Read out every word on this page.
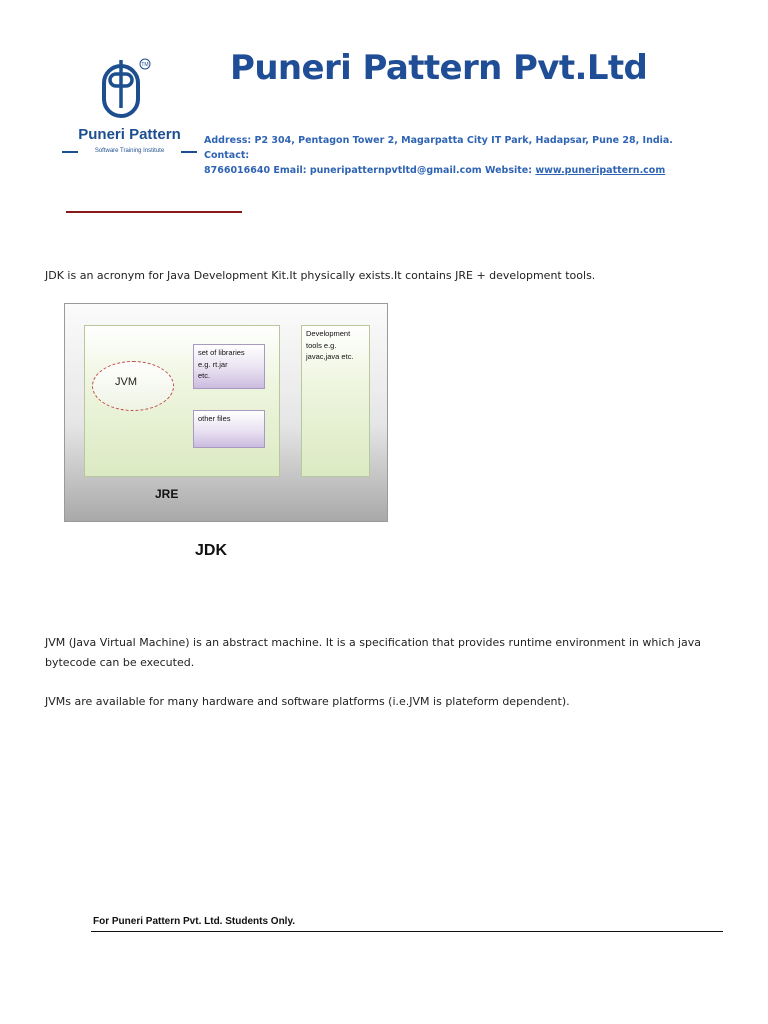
TM
Puneri Pattern
Software Training Institute
Puneri Pattern Pvt.Ltd
Address: P2 304, Pentagon Tower 2, Magarpatta City IT Park, Hadapsar, Pune 28, India. Contact:
8766016640 Email: puneripatternpvtltd@gmail.com Website: www.puneripattern.com
JDK is an acronym for Java Development Kit.It physically exists.It contains JRE + development tools.
Development
tools e.g.
javac,java etc.
JVM
set of libraries
e.g. rt.jar
etc.
other files
JRE
JDK
JVM (Java Virtual Machine) is an abstract machine. It is a specification that provides runtime environment in which java bytecode can be executed.
JVMs are available for many hardware and software platforms (i.e.JVM is plateform dependent).
For Puneri Pattern Pvt. Ltd. Students Only.
